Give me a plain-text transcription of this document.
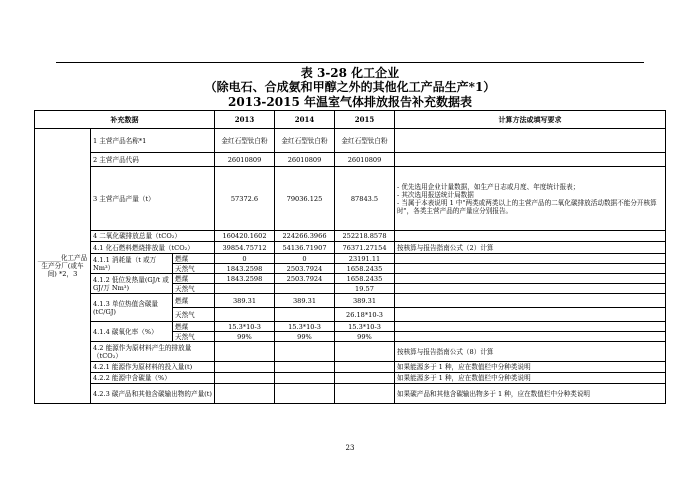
表 3-28 化工企业
（除电石、合成氨和甲醇之外的其他化工产品生产*1）
2013-2015 年温室气体排放报告补充数据表
补充数据			2013	2014	2015	计算方法或填写要求
_______化工产品生产分厂(或车间) *2，3	1 主营产品名称*1		金红石型钛白粉	金红石型钛白粉	金红石型钛白粉	
	2 主营产品代码		26010809	26010809	26010809	
	3 主营产品产量（t）		57372.6	79036.125	87843.5	- 优先选用企业计量数据，如生产日志或月度、年度统计报表；
- 其次选用报送统计局数据
- 当属于本表说明 1 中"两类或两类以上的主营产品的二氧化碳排放活动数据不能分开核算时"，各类主营产品的产量应分别报告。

	4 二氧化碳排放总量（tCO₂）		160420.1602	224266.3966	252218.8578	
	4.1 化石燃料燃烧排放量（tCO₂）		39854.75712	54136.71907	76371.27154	按核算与报告指南公式（2）计算
	4.1.1 消耗量（t 或万 Nm³）	燃煤	0	0	23191.11	
		天然气	1843.2598	2503.7924	1658.2435	
	4.1.2 低位发热量(GJ/t 或 GJ/万 Nm³)	燃煤	1843.2598	2503.7924	1658.2435	
		天然气			19.57	
	4.1.3 单位热值含碳量(tC/GJ)	燃煤	389.31	389.31	389.31	
		天然气			26.18*10-3	
	4.1.4 碳氧化率（%）	燃煤	15.3*10-3	15.3*10-3	15.3*10-3	
		天然气	99%	99%	99%	
	4.2 能源作为原材料产生的排放量（tCO₂）					按核算与报告指南公式（8）计算
	4.2.1 能源作为原材料的投入量(t)					如果能源多于 1 种，应在数值栏中分种类说明
	4.2.2 能源中含碳量（%）					如果能源多于 1 种，应在数值栏中分种类说明
	4.2.3 碳产品和其他含碳输出物的产量(t)					如果碳产品和其他含碳输出物多于 1 种，应在数值栏中分种类说明
23
